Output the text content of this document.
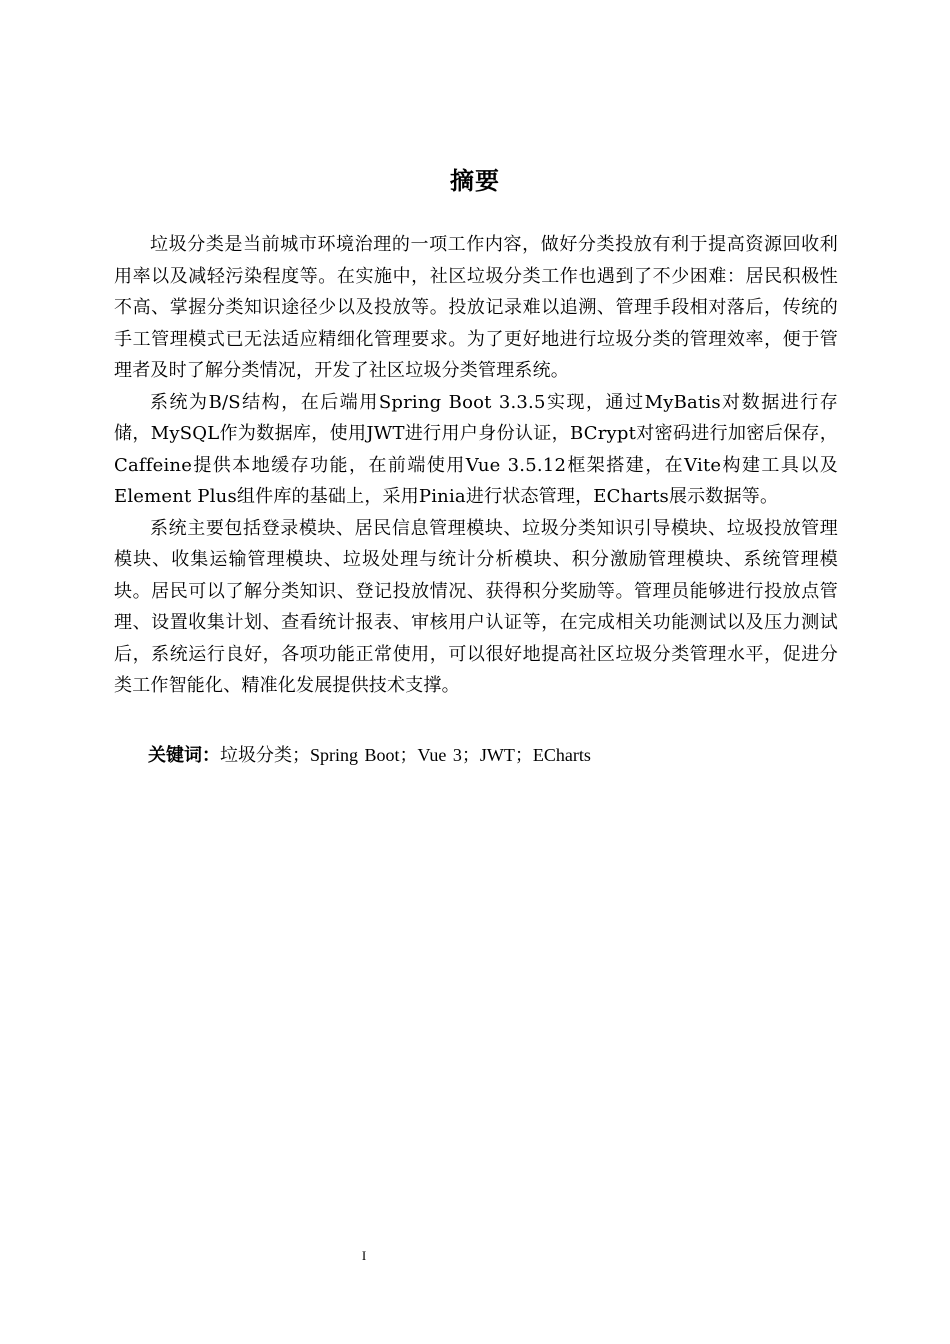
摘要

垃圾分类是当前城市环境治理的一项工作内容，做好分类投放有利于提高资源回收利用率以及减轻污染程度等。在实施中，社区垃圾分类工作也遇到了不少困难：居民积极性不高、掌握分类知识途径少以及投放等。投放记录难以追溯、管理手段相对落后，传统的手工管理模式已无法适应精细化管理要求。为了更好地进行垃圾分类的管理效率，便于管理者及时了解分类情况，开发了社区垃圾分类管理系统。

系统为B/S结构，在后端用Spring Boot 3.3.5实现，通过MyBatis对数据进行存储，MySQL作为数据库，使用JWT进行用户身份认证，BCrypt对密码进行加密后保存，Caffeine提供本地缓存功能，在前端使用Vue 3.5.12框架搭建，在Vite构建工具以及Element Plus组件库的基础上，采用Pinia进行状态管理，ECharts展示数据等。

系统主要包括登录模块、居民信息管理模块、垃圾分类知识引导模块、垃圾投放管理模块、收集运输管理模块、垃圾处理与统计分析模块、积分激励管理模块、系统管理模块。居民可以了解分类知识、登记投放情况、获得积分奖励等。管理员能够进行投放点管理、设置收集计划、查看统计报表、审核用户认证等，在完成相关功能测试以及压力测试后，系统运行良好，各项功能正常使用，可以很好地提高社区垃圾分类管理水平，促进分类工作智能化、精准化发展提供技术支撑。

关键词：垃圾分类；Spring Boot；Vue 3；JWT；ECharts
I
